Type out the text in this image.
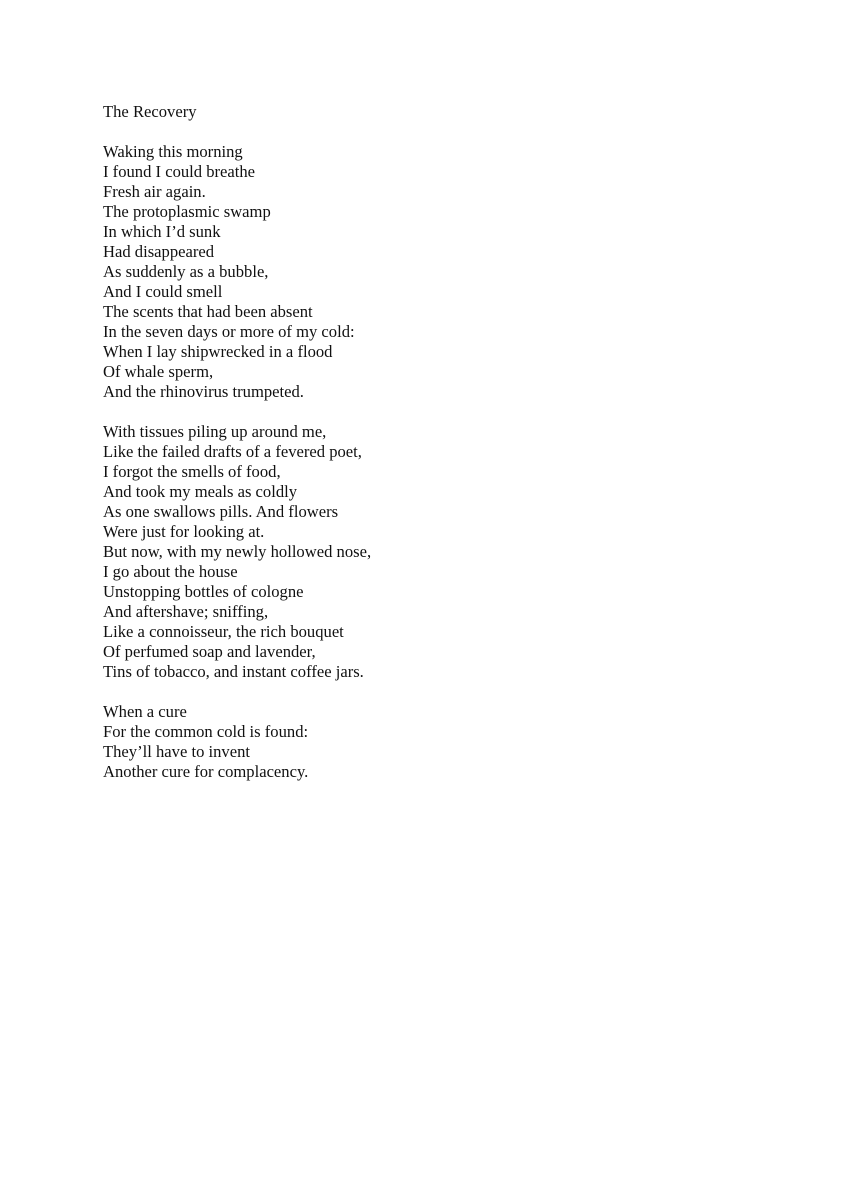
The Recovery
Waking this morning
I found I could breathe
Fresh air again.
The protoplasmic swamp
In which I’d sunk
Had disappeared
As suddenly as a bubble,
And I could smell
The scents that had been absent
In the seven days or more of my cold:
When I lay shipwrecked in a flood
Of whale sperm,
And the rhinovirus trumpeted.
With tissues piling up around me,
Like the failed drafts of a fevered poet,
I forgot the smells of food,
And took my meals as coldly
As one swallows pills. And flowers
Were just for looking at.
But now, with my newly hollowed nose,
I go about the house
Unstopping bottles of cologne
And aftershave; sniffing,
Like a connoisseur, the rich bouquet
Of perfumed soap and lavender,
Tins of tobacco, and instant coffee jars.
When a cure
For the common cold is found:
They’ll have to invent
Another cure for complacency.
